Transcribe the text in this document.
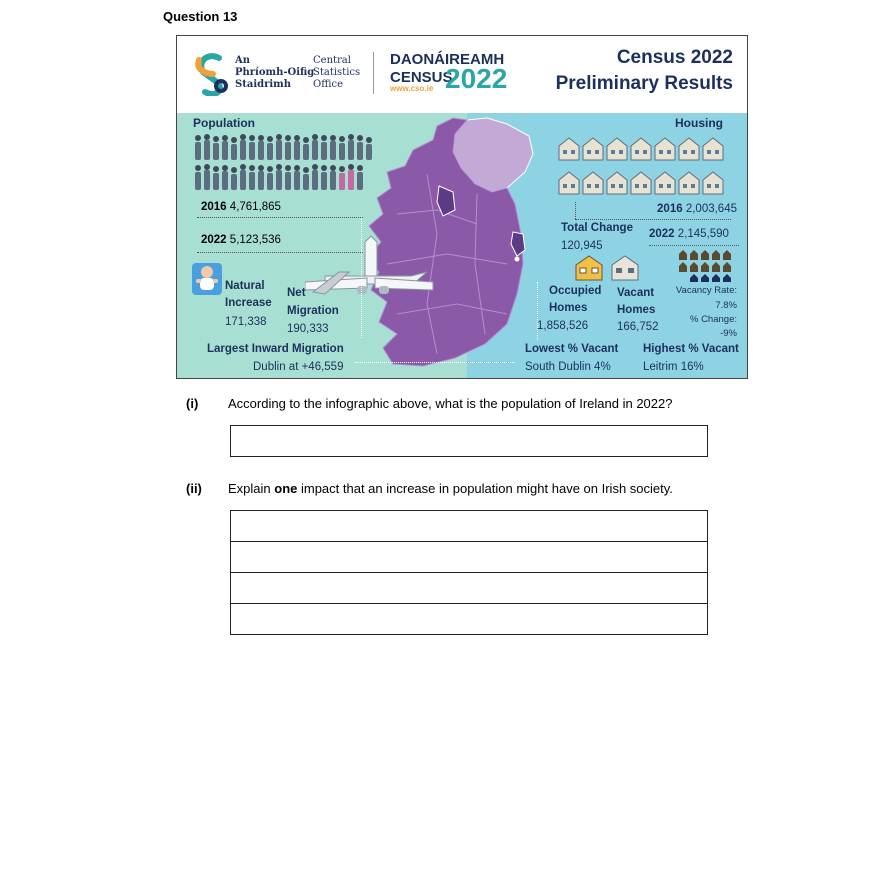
Question 13
An
Phríomh-Oifig
Staidrimh
Central
Statistics
Office
DAONÁIREAMH
CENSUS
www.cso.ie 2022
Census 2022
Preliminary Results
Population
2016 4,761,865
2022 5,123,536
Natural
Increase
171,338
Net
Migration
190,333
Largest Inward Migration
Dublin at +46,559
Housing
2016 2,003,645
Total Change
120,945
2022 2,145,590
Occupied
Homes
1,858,526
Vacant
Homes
166,752
Vacancy Rate:
7.8%
% Change:
-9%
Lowest % Vacant
South Dublin 4%
Highest % Vacant
Leitrim 16%
(i) According to the infographic above, what is the population of Ireland in 2022?
(ii) Explain one impact that an increase in population might have on Irish society.
